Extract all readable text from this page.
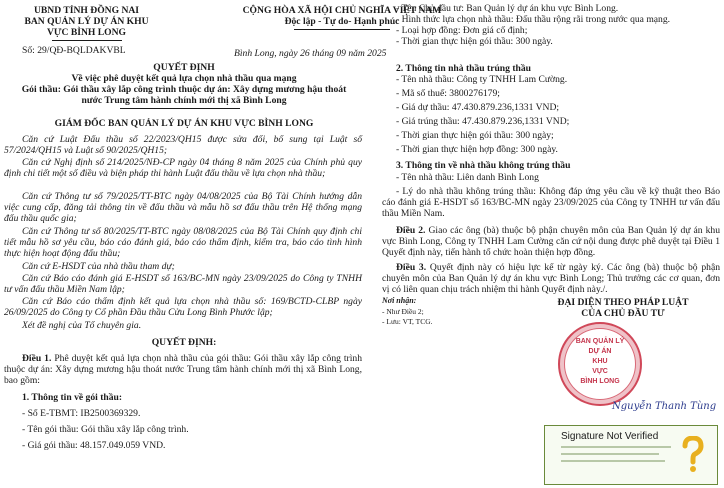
UBND TỈNH ĐỒNG NAI
BAN QUẢN LÝ DỰ ÁN KHU
VỰC BÌNH LONG
Số: 29/QĐ-BQLDAKVBL
QUYẾT ĐỊNH
Về việc phê duyệt kết quả lựa chọn nhà thầu qua mạng
Gói thầu: Gói thầu xây lắp công trình thuộc dự án: Xây dựng mương hậu thoát
nước Trung tâm hành chính mới thị xã Bình Long
GIÁM ĐỐC BAN QUẢN LÝ DỰ ÁN KHU VỰC BÌNH LONG
Căn cứ Luật Đấu thầu số 22/2023/QH15 được sửa đổi, bổ sung tại Luật số 57/2024/QH15 và Luật số 90/2025/QH15;
Căn cứ Nghị định số 214/2025/NĐ-CP ngày 04 tháng 8 năm 2025 của Chính phủ quy định chi tiết một số điều và biện pháp thi hành Luật đấu thầu về lựa chọn nhà thầu;
Căn cứ Thông tư số 79/2025/TT-BTC ngày 04/08/2025 của Bộ Tài Chính hướng dẫn việc cung cấp, đăng tải thông tin về đấu thầu và mẫu hồ sơ đấu thầu trên Hệ thống mạng đấu thầu quốc gia;
Căn cứ Thông tư số 80/2025/TT-BTC ngày 08/08/2025 của Bộ Tài Chính quy định chi tiết mẫu hồ sơ yêu cầu, báo cáo đánh giá, báo cáo thẩm định, kiểm tra, báo cáo tình hình thực hiện hoạt động đấu thầu;
Căn cứ E-HSDT của nhà thầu tham dự;
Căn cứ Báo cáo đánh giá E-HSDT số 163/BC-MN ngày 23/09/2025 do Công ty TNHH tư vấn đấu thầu Miền Nam lập;
Căn cứ Báo cáo thẩm định kết quả lựa chọn nhà thầu số: 169/BCTD-CLBP ngày 26/09/2025 do Công ty Cổ phần Đầu thầu Cửu Long Bình Phước lập;
Xét đề nghị của Tổ chuyên gia.
QUYẾT ĐỊNH:
Điều 1. Phê duyệt kết quả lựa chọn nhà thầu của gói thầu: Gói thầu xây lắp công trình thuộc dự án: Xây dựng mương hậu thoát nước Trung tâm hành chính mới thị xã Bình Long, bao gồm:
1. Thông tin về gói thầu:
- Số E-TBMT: IB2500369329.
- Tên gói thầu: Gói thầu xây lắp công trình.
- Giá gói thầu: 48.157.049.059 VND.
CỘNG HÒA XÃ HỘI CHỦ NGHĨA VIỆT NAM
Độc lập - Tự do- Hạnh phúc
Bình Long, ngày 26 tháng 09 năm 2025
- Tên Chủ đầu tư: Ban Quản lý dự án khu vực Bình Long.
- Hình thức lựa chọn nhà thầu: Đấu thầu rộng rãi trong nước qua mạng.
- Loại hợp đồng: Đơn giá cố định;
- Thời gian thực hiện gói thầu: 300 ngày.
2. Thông tin nhà thầu trúng thầu
- Tên nhà thầu: Công ty TNHH Lam Cường.
- Mã số thuế: 3800276179;
- Giá dự thầu: 47.430.879.236,1331 VND;
- Giá trúng thầu: 47.430.879.236,1331 VND;
- Thời gian thực hiện gói thầu: 300 ngày;
- Thời gian thực hiện hợp đồng: 300 ngày.
3. Thông tin về nhà thầu không trúng thầu
- Tên nhà thầu: Liên danh Bình Long
- Lý do nhà thầu không trúng thầu: Không đáp ứng yêu cầu về kỹ thuật theo Báo cáo đánh giá E-HSDT số 163/BC-MN ngày 23/09/2025 của Công ty TNHH tư vấn đấu thầu Miền Nam.
Điều 2. Giao các ông (bà) thuộc bộ phận chuyên môn của Ban Quản lý dự án khu vực Bình Long, Công ty TNHH Lam Cường căn cứ nội dung được phê duyệt tại Điều 1 Quyết định này, tiến hành tổ chức hoàn thiện hợp đồng.
Điều 3. Quyết định này có hiệu lực kể từ ngày ký. Các ông (bà) thuộc bộ phận chuyên môn của Ban Quản lý dự án khu vực Bình Long; Thủ trưởng các cơ quan, đơn vị có liên quan chịu trách nhiệm thi hành Quyết định này./.
Nơi nhận:
- Như Điều 2;
- Lưu: VT, TCG.
ĐẠI DIỆN THEO PHÁP LUẬT
CỦA CHỦ ĐẦU TƯ
BAN QUẢN LÝ
DỰ ÁN
KHU
VỰC
BÌNH LONG
Nguyễn Thanh Tùng
Signature Not Verified
